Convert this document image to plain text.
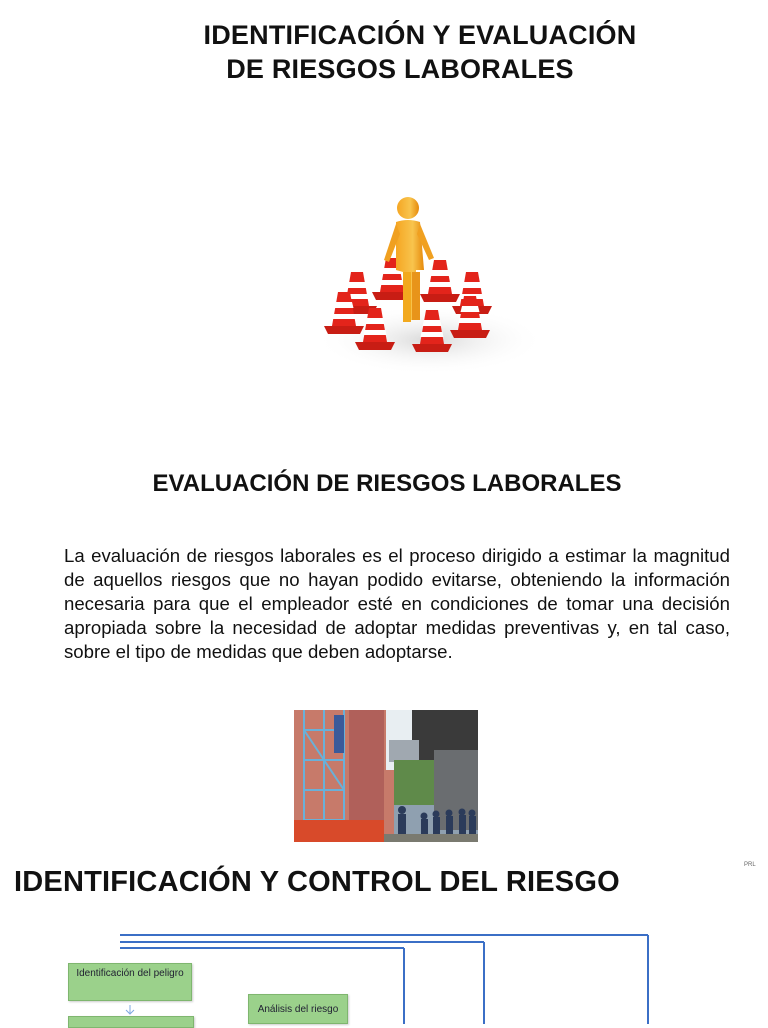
IDENTIFICACIÓN Y EVALUACIÓN
DE RIESGOS LABORALES
EVALUACIÓN DE RIESGOS LABORALES
La evaluación de riesgos laborales es el proceso dirigido a estimar la magnitud de aquellos riesgos que no hayan podido evitarse, obteniendo la información necesaria para que el empleador esté en condiciones de tomar una decisión apropiada sobre la necesidad de adoptar medidas preventivas y, en tal caso, sobre el tipo de medidas que deben adoptarse.
IDENTIFICACIÓN Y CONTROL DEL RIESGO
PRL
Identificación del peligro
Análisis del riesgo
